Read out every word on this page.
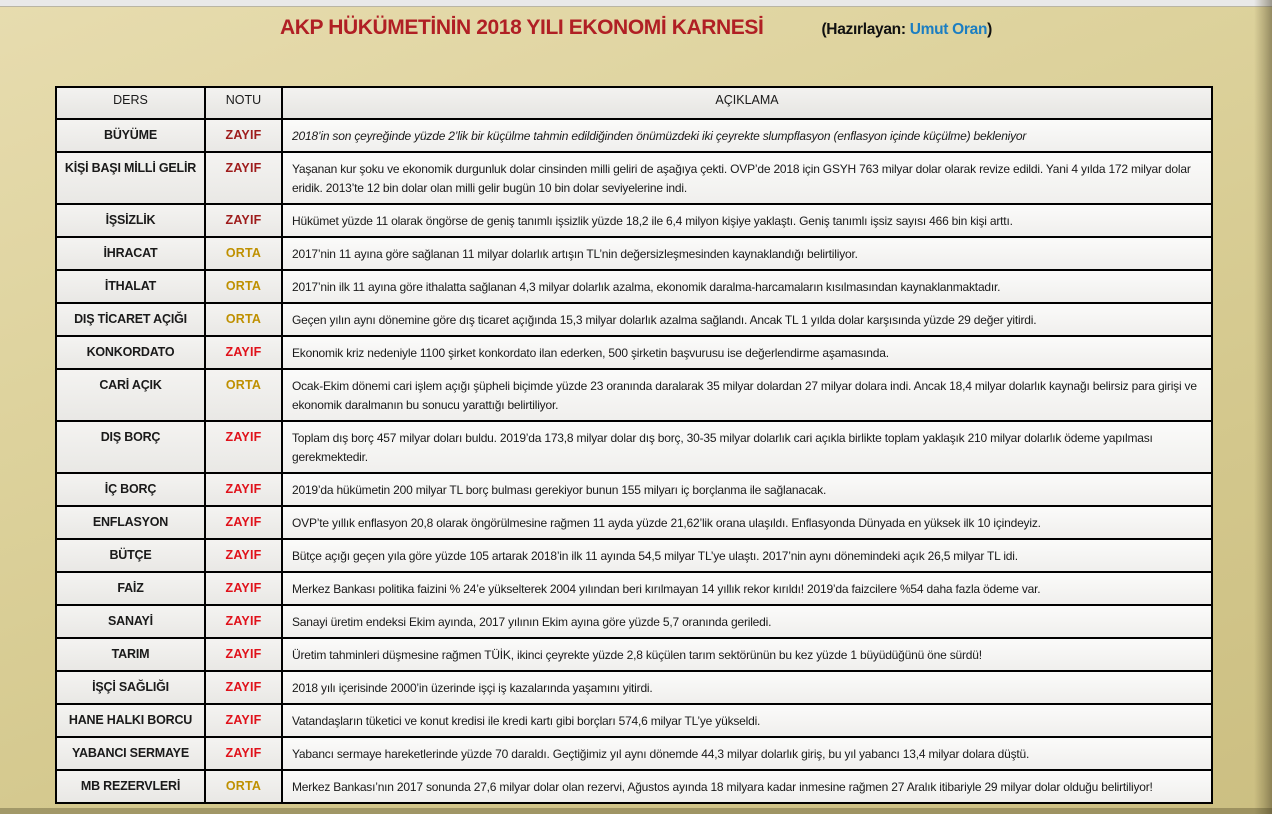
AKP HÜKÜMETİNİN 2018 YILI EKONOMİ KARNESİ	(Hazırlayan: Umut Oran)
DERS	NOTU	AÇIKLAMA
BÜYÜME	ZAYIF	2018’in son çeyreğinde yüzde 2’lik bir küçülme tahmin edildiğinden önümüzdeki iki çeyrekte slumpflasyon (enflasyon içinde küçülme) bekleniyor
KİŞİ BAŞI MİLLİ GELİR	ZAYIF	Yaşanan kur şoku ve ekonomik durgunluk dolar cinsinden milli geliri de aşağıya çekti. OVP’de 2018 için GSYH 763 milyar dolar olarak revize edildi. Yani 4 yılda 172 milyar dolar eridik. 2013’te 12 bin dolar olan milli gelir bugün 10 bin dolar seviyelerine indi.
İŞSİZLİK	ZAYIF	Hükümet yüzde 11 olarak öngörse de geniş tanımlı işsizlik yüzde 18,2 ile 6,4 milyon kişiye yaklaştı. Geniş tanımlı işsiz sayısı 466 bin kişi arttı.
İHRACAT	ORTA	2017’nin 11 ayına göre sağlanan 11 milyar dolarlık artışın TL’nin değersizleşmesinden kaynaklandığı belirtiliyor.
İTHALAT	ORTA	2017’nin ilk 11 ayına göre ithalatta sağlanan 4,3 milyar dolarlık azalma, ekonomik daralma-harcamaların kısılmasından kaynaklanmaktadır.
DIŞ TİCARET AÇIĞI	ORTA	Geçen yılın aynı dönemine göre dış ticaret açığında 15,3 milyar dolarlık azalma sağlandı. Ancak TL 1 yılda dolar karşısında yüzde 29 değer yitirdi.
KONKORDATO	ZAYIF	Ekonomik kriz nedeniyle 1100 şirket konkordato ilan ederken, 500 şirketin başvurusu ise değerlendirme aşamasında.
CARİ AÇIK	ORTA	Ocak-Ekim dönemi cari işlem açığı şüpheli biçimde yüzde 23 oranında daralarak 35 milyar dolardan 27 milyar dolara indi. Ancak 18,4 milyar dolarlık kaynağı belirsiz para girişi ve ekonomik daralmanın bu sonucu yarattığı belirtiliyor.
DIŞ BORÇ	ZAYIF	Toplam dış borç 457 milyar doları buldu. 2019’da 173,8 milyar dolar dış borç, 30-35 milyar dolarlık cari açıkla birlikte toplam yaklaşık 210 milyar dolarlık ödeme yapılması gerekmektedir.
İÇ BORÇ	ZAYIF	2019’da hükümetin 200 milyar TL borç bulması gerekiyor bunun 155 milyarı iç borçlanma ile sağlanacak.
ENFLASYON	ZAYIF	OVP’te yıllık enflasyon 20,8 olarak öngörülmesine rağmen 11 ayda yüzde 21,62’lik orana ulaşıldı. Enflasyonda Dünyada en yüksek ilk 10 içindeyiz.
BÜTÇE	ZAYIF	Bütçe açığı geçen yıla göre yüzde 105 artarak 2018’in ilk 11 ayında 54,5 milyar TL’ye ulaştı. 2017’nin aynı dönemindeki açık 26,5 milyar TL idi.
FAİZ	ZAYIF	Merkez Bankası politika faizini % 24’e yükselterek 2004 yılından beri kırılmayan 14 yıllık rekor kırıldı! 2019’da faizcilere %54 daha fazla ödeme var.
SANAYİ	ZAYIF	Sanayi üretim endeksi Ekim ayında, 2017 yılının Ekim ayına göre yüzde 5,7 oranında geriledi.
TARIM	ZAYIF	Üretim tahminleri düşmesine rağmen TÜİK, ikinci çeyrekte yüzde 2,8 küçülen tarım sektörünün bu kez yüzde 1 büyüdüğünü öne sürdü!
İŞÇİ SAĞLIĞI	ZAYIF	2018 yılı içerisinde 2000’in üzerinde işçi iş kazalarında yaşamını yitirdi.
HANE HALKI BORCU	ZAYIF	Vatandaşların tüketici ve konut kredisi ile kredi kartı gibi borçları 574,6 milyar TL’ye yükseldi.
YABANCI SERMAYE	ZAYIF	Yabancı sermaye hareketlerinde yüzde 70 daraldı. Geçtiğimiz yıl aynı dönemde 44,3 milyar dolarlık giriş, bu yıl yabancı 13,4 milyar dolara düştü.
MB REZERVLERİ	ORTA	Merkez Bankası’nın 2017 sonunda 27,6 milyar dolar olan rezervi, Ağustos ayında 18 milyara kadar inmesine rağmen 27 Aralık itibariyle 29 milyar dolar olduğu belirtiliyor!
